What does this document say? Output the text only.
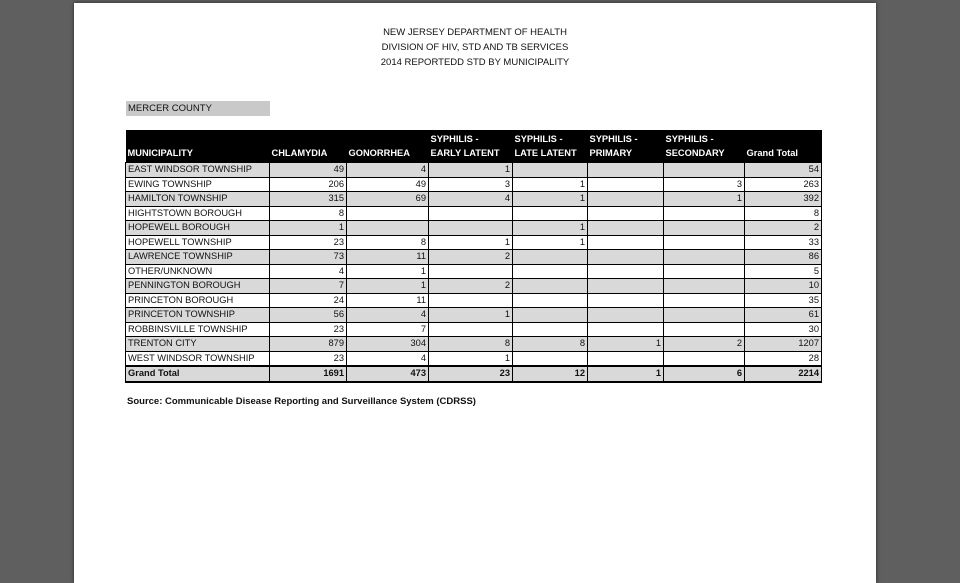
NEW JERSEY DEPARTMENT OF HEALTH
DIVISION OF HIV, STD AND TB SERVICES
2014 REPORTEDD STD BY MUNICIPALITY
MERCER COUNTY
MUNICIPALITY	CHLAMYDIA	GONORRHEA	SYPHILIS - EARLY LATENT	SYPHILIS - LATE LATENT	SYPHILIS - PRIMARY	SYPHILIS - SECONDARY	Grand Total
EAST WINDSOR TOWNSHIP	49	4	1				54
EWING TOWNSHIP	206	49	3	1		3	263
HAMILTON TOWNSHIP	315	69	4	1		1	392
HIGHTSTOWN BOROUGH	8						8
HOPEWELL BOROUGH	1			1			2
HOPEWELL TOWNSHIP	23	8	1	1			33
LAWRENCE TOWNSHIP	73	11	2				86
OTHER/UNKNOWN	4	1					5
PENNINGTON BOROUGH	7	1	2				10
PRINCETON BOROUGH	24	11					35
PRINCETON TOWNSHIP	56	4	1				61
ROBBINSVILLE TOWNSHIP	23	7					30
TRENTON CITY	879	304	8	8	1	2	1207
WEST WINDSOR TOWNSHIP	23	4	1				28
Grand Total	1691	473	23	12	1	6	2214
Source: Communicable Disease Reporting and Surveillance System (CDRSS)
